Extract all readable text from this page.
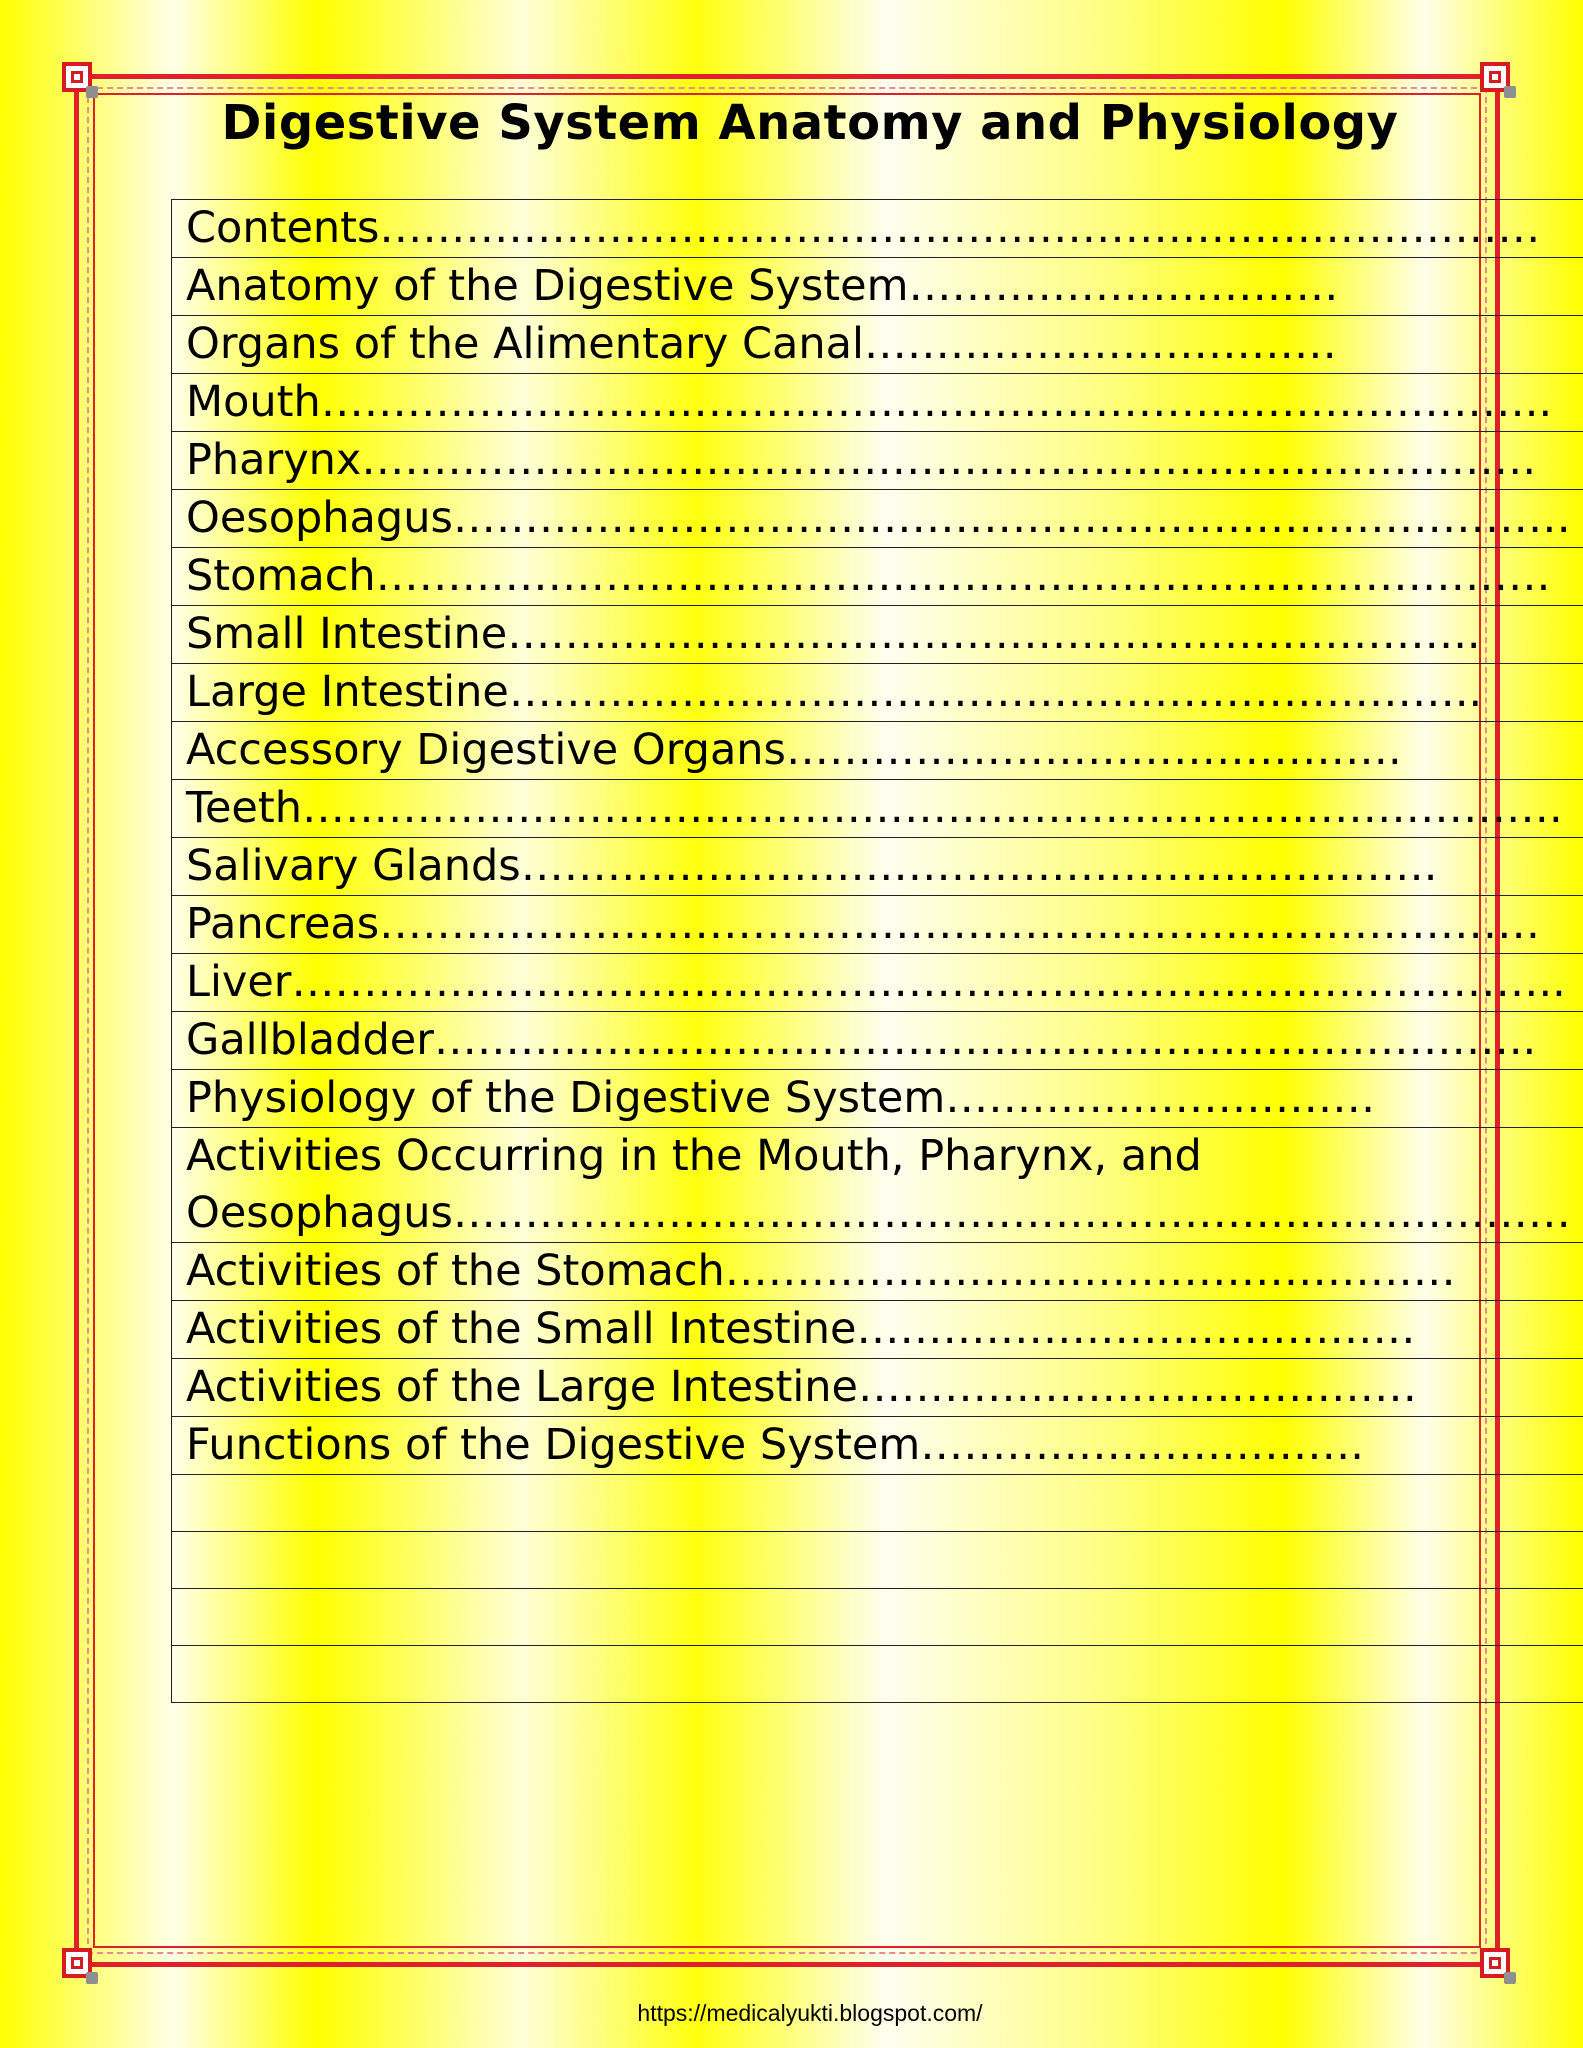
Digestive System Anatomy and Physiology
Contents………………………………………………………………………
Anatomy of the Digestive System…………………………
Organs of the Alimentary Canal……………………………
Mouth…………………………………………………………………………..
Pharynx……………………………………………………………………….
Oesophagus……………………………………………………………………
Stomach……………………………………………………………………….
Small Intestine…………………………………………………………..
Large Intestine…………………………………………………………..
Accessory Digestive Organs…………………………………….
Teeth…………………………………………………………………………….
Salivary Glands……………………………………………………….
Pancreas………………………………………………………………………
Liver……………………………………………………………………………..
Gallbladder…………………………………………………………………..
Physiology of the Digestive System…………………………
Activities Occurring in the Mouth, Pharynx, and Oesophagus……………………………………………………………………
Activities of the Stomach……………………………………………
Activities of the Small Intestine…………………………………
Activities of the Large Intestine…………………………………
Functions of the Digestive System………………………….

https://medicalyukti.blogspot.com/
